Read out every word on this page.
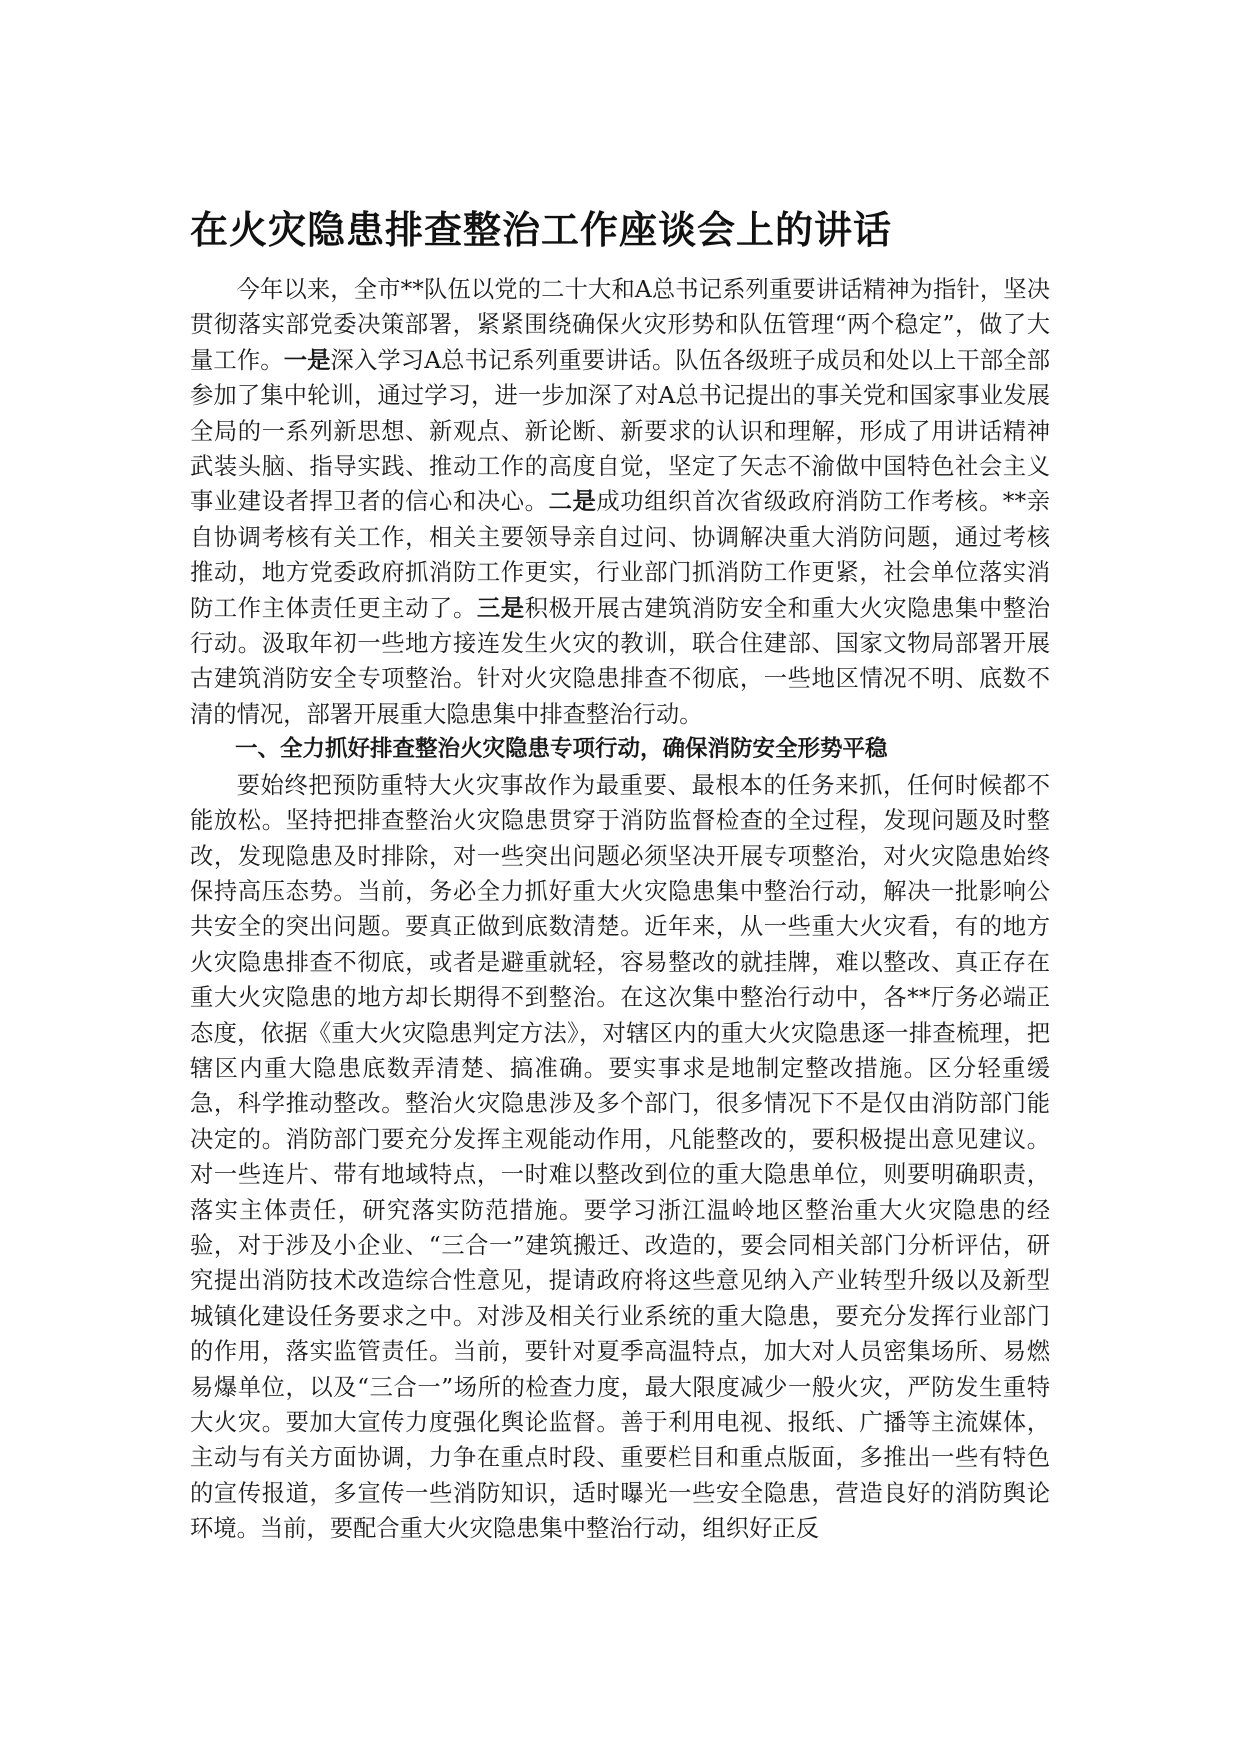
在火灾隐患排查整治工作座谈会上的讲话

今年以来，全市**队伍以党的二十大和A总书记系列重要讲话精神为指针，坚决贯彻落实部党委决策部署，紧紧围绕确保火灾形势和队伍管理“两个稳定”，做了大量工作。一是深入学习A总书记系列重要讲话。队伍各级班子成员和处以上干部全部参加了集中轮训，通过学习，进一步加深了对A总书记提出的事关党和国家事业发展全局的一系列新思想、新观点、新论断、新要求的认识和理解，形成了用讲话精神武装头脑、指导实践、推动工作的高度自觉，坚定了矢志不渝做中国特色社会主义事业建设者捍卫者的信心和决心。二是成功组织首次省级政府消防工作考核。**亲自协调考核有关工作，相关主要领导亲自过问、协调解决重大消防问题，通过考核推动，地方党委政府抓消防工作更实，行业部门抓消防工作更紧，社会单位落实消防工作主体责任更主动了。三是积极开展古建筑消防安全和重大火灾隐患集中整治行动。汲取年初一些地方接连发生火灾的教训，联合住建部、国家文物局部署开展古建筑消防安全专项整治。针对火灾隐患排查不彻底，一些地区情况不明、底数不清的情况，部署开展重大隐患集中排查整治行动。

一、全力抓好排查整治火灾隐患专项行动，确保消防安全形势平稳

要始终把预防重特大火灾事故作为最重要、最根本的任务来抓，任何时候都不能放松。坚持把排查整治火灾隐患贯穿于消防监督检查的全过程，发现问题及时整改，发现隐患及时排除，对一些突出问题必须坚决开展专项整治，对火灾隐患始终保持高压态势。当前，务必全力抓好重大火灾隐患集中整治行动，解决一批影响公共安全的突出问题。要真正做到底数清楚。近年来，从一些重大火灾看，有的地方火灾隐患排查不彻底，或者是避重就轻，容易整改的就挂牌，难以整改、真正存在重大火灾隐患的地方却长期得不到整治。在这次集中整治行动中，各**厅务必端正态度，依据《重大火灾隐患判定方法》，对辖区内的重大火灾隐患逐一排查梳理，把辖区内重大隐患底数弄清楚、搞准确。要实事求是地制定整改措施。区分轻重缓急，科学推动整改。整治火灾隐患涉及多个部门，很多情况下不是仅由消防部门能决定的。消防部门要充分发挥主观能动作用，凡能整改的，要积极提出意见建议。对一些连片、带有地域特点，一时难以整改到位的重大隐患单位，则要明确职责，落实主体责任，研究落实防范措施。要学习浙江温岭地区整治重大火灾隐患的经验，对于涉及小企业、“三合一”建筑搬迁、改造的，要会同相关部门分析评估，研究提出消防技术改造综合性意见，提请政府将这些意见纳入产业转型升级以及新型城镇化建设任务要求之中。对涉及相关行业系统的重大隐患，要充分发挥行业部门的作用，落实监管责任。当前，要针对夏季高温特点，加大对人员密集场所、易燃易爆单位，以及“三合一”场所的检查力度，最大限度减少一般火灾，严防发生重特大火灾。要加大宣传力度强化舆论监督。善于利用电视、报纸、广播等主流媒体，主动与有关方面协调，力争在重点时段、重要栏目和重点版面，多推出一些有特色的宣传报道，多宣传一些消防知识，适时曝光一些安全隐患，营造良好的消防舆论环境。当前，要配合重大火灾隐患集中整治行动，组织好正反
